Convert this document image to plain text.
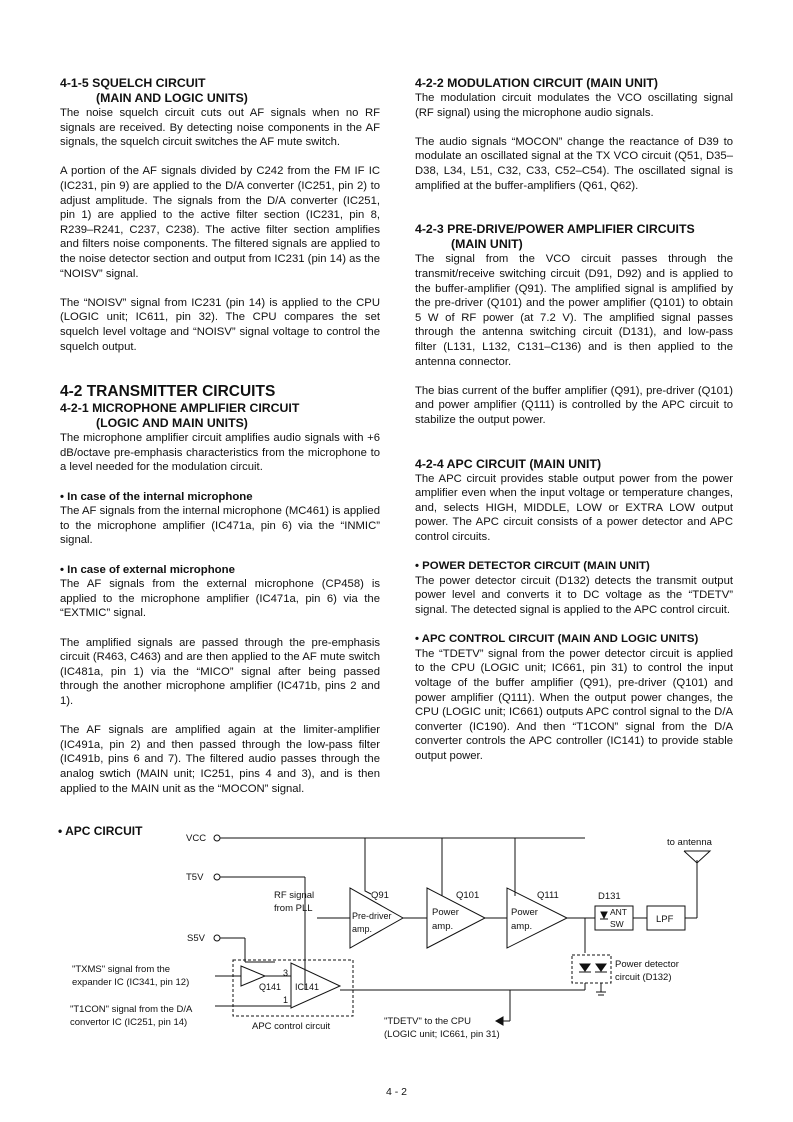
4-1-5 SQUELCH CIRCUIT
(MAIN AND LOGIC UNITS)

The noise squelch circuit cuts out AF signals when no RF signals are received. By detecting noise components in the AF signals, the squelch circuit switches the AF mute switch.

A portion of the AF signals divided by C242 from the FM IF IC (IC231, pin 9) are applied to the D/A converter (IC251, pin 2) to adjust amplitude. The signals from the D/A converter (IC251, pin 1) are applied to the active filter section (IC231, pin 8, R239–R241, C237, C238). The active filter section amplifies and filters noise components. The filtered signals are applied to the noise detector section and output from IC231 (pin 14) as the “NOISV” signal.

The “NOISV” signal from IC231 (pin 14) is applied to the CPU (LOGIC unit; IC611, pin 32). The CPU compares the set squelch level voltage and “NOISV” signal voltage to control the squelch output.

4-2 TRANSMITTER CIRCUITS
4-2-1 MICROPHONE AMPLIFIER CIRCUIT
(LOGIC AND MAIN UNITS)

The microphone amplifier circuit amplifies audio signals with +6 dB/octave pre-emphasis characteristics from the microphone to a level needed for the modulation circuit.

• In case of the internal microphone

The AF signals from the internal microphone (MC461) is applied to the microphone amplifier (IC471a, pin 6) via the “INMIC” signal.

• In case of external microphone

The AF signals from the external microphone (CP458) is applied to the microphone amplifier (IC471a, pin 6) via the “EXTMIC” signal.

The amplified signals are passed through the pre-emphasis circuit (R463, C463) and are then applied to the AF mute switch (IC481a, pin 1) via the “MICO” signal after being passed through the another microphone amplifier (IC471b, pins 2 and 1).

The AF signals are amplified again at the limiter-amplifier (IC491a, pin 2) and then passed through the low-pass filter (IC491b, pins 6 and 7). The filtered audio passes through the analog swtich (MAIN unit; IC251, pins 4 and 3), and is then applied to the MAIN unit as the “MOCON” signal.

4-2-2 MODULATION CIRCUIT (MAIN UNIT)

The modulation circuit modulates the VCO oscillating signal (RF signal) using the microphone audio signals.

The audio signals “MOCON” change the reactance of D39 to modulate an oscillated signal at the TX VCO circuit (Q51, D35–D38, L34, L51, C32, C33, C52–C54). The oscillated signal is amplified at the buffer-amplifiers (Q61, Q62).

4-2-3 PRE-DRIVE/POWER AMPLIFIER CIRCUITS
(MAIN UNIT)

The signal from the VCO circuit passes through the transmit/receive switching circuit (D91, D92) and is applied to the buffer-amplifier (Q91). The amplified signal is amplified by the pre-driver (Q101) and the power amplifier (Q101) to obtain 5 W of RF power (at 7.2 V). The amplified signal passes through the antenna switching circuit (D131), and low-pass filter (L131, L132, C131–C136) and is then applied to the antenna connector.

The bias current of the buffer amplifier (Q91), pre-driver (Q101) and power amplifier (Q111) is controlled by the APC circuit to stabilize the output power.

4-2-4 APC CIRCUIT (MAIN UNIT)

The APC circuit provides stable output power from the power amplifier even when the input voltage or temperature changes, and, selects HIGH, MIDDLE, LOW or EXTRA LOW output power. The APC circuit consists of a power detector and APC control circuits.

• POWER DETECTOR CIRCUIT (MAIN UNIT)

The power detector circuit (D132) detects the transmit output power level and converts it to DC voltage as the “TDETV” signal. The detected signal is applied to the APC control circuit.

• APC CONTROL CIRCUIT (MAIN AND LOGIC UNITS)

The “TDETV” signal from the power detector circuit is applied to the CPU (LOGIC unit; IC661, pin 31) to control the input voltage of the buffer amplifier (Q91), pre-driver (Q101) and power amplifier (Q111). When the output power changes, the CPU (LOGIC unit; IC661) outputs APC control signal to the D/A converter (IC190). And then “T1CON” signal from the D/A converter controls the APC controller (IC141) to provide stable output power.

• APC CIRCUIT
VCC
T5V
S5V
RF signal
from PLL
Q91
Pre-driver
amp.
Q101
Power
amp.
Q111
Power
amp.
D131
ANT
SW	LPF
to antenna
Power detector
circuit (D132)
"TDETV" to the CPU
(LOGIC unit; IC661, pin 31)
Q141 IC141
3
1
APC control circuit
"TXMS" signal from the
expander IC (IC341, pin 12)
"T1CON" signal from the D/A
convertor IC (IC251, pin 14)
4 - 2
